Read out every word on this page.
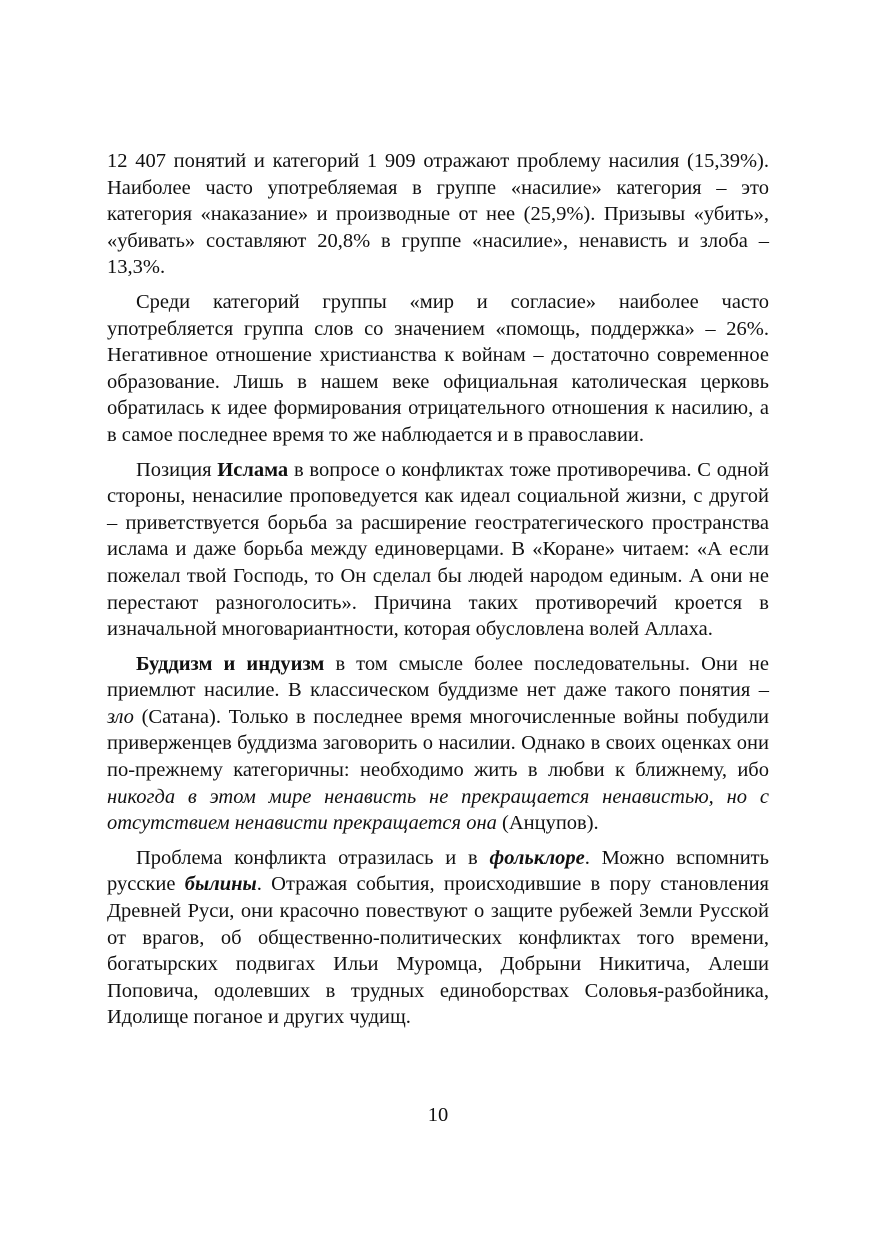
12 407 понятий и категорий 1 909 отражают проблему насилия (15,39%). Наиболее часто употребляемая в группе «насилие» категория – это категория «наказание» и производные от нее (25,9%). Призывы «убить», «убивать» составляют 20,8% в группе «насилие», ненависть и злоба – 13,3%.

Среди категорий группы «мир и согласие» наиболее часто употребляется группа слов со значением «помощь, поддержка» – 26%. Негативное отношение христианства к войнам – достаточно современное образование. Лишь в нашем веке официальная католическая церковь обратилась к идее формирования отрицательного отношения к насилию, а в самое последнее время то же наблюдается и в православии.

Позиция Ислама в вопросе о конфликтах тоже противоречива. С одной стороны, ненасилие проповедуется как идеал социальной жизни, с другой – приветствуется борьба за расширение геостратегического пространства ислама и даже борьба между единоверцами. В «Коране» читаем: «А если пожелал твой Господь, то Он сделал бы людей народом единым. А они не перестают разноголосить». Причина таких противоречий кроется в изначальной многовариантности, которая обусловлена волей Аллаха.

Буддизм и индуизм в том смысле более последовательны. Они не приемлют насилие. В классическом буддизме нет даже такого понятия – зло (Сатана). Только в последнее время многочисленные войны побудили приверженцев буддизма заговорить о насилии. Однако в своих оценках они по-прежнему категоричны: необходимо жить в любви к ближнему, ибо никогда в этом мире ненависть не прекращается ненавистью, но с отсутствием ненависти прекращается она (Анцупов).

Проблема конфликта отразилась и в фольклоре. Можно вспомнить русские былины. Отражая события, происходившие в пору становления Древней Руси, они красочно повествуют о защите рубежей Земли Русской от врагов, об общественно-политических конфликтах того времени, богатырских подвигах Ильи Муромца, Добрыни Никитича, Алеши Поповича, одолевших в трудных единоборствах Соловья-разбойника, Идолище поганое и других чудищ.

10
